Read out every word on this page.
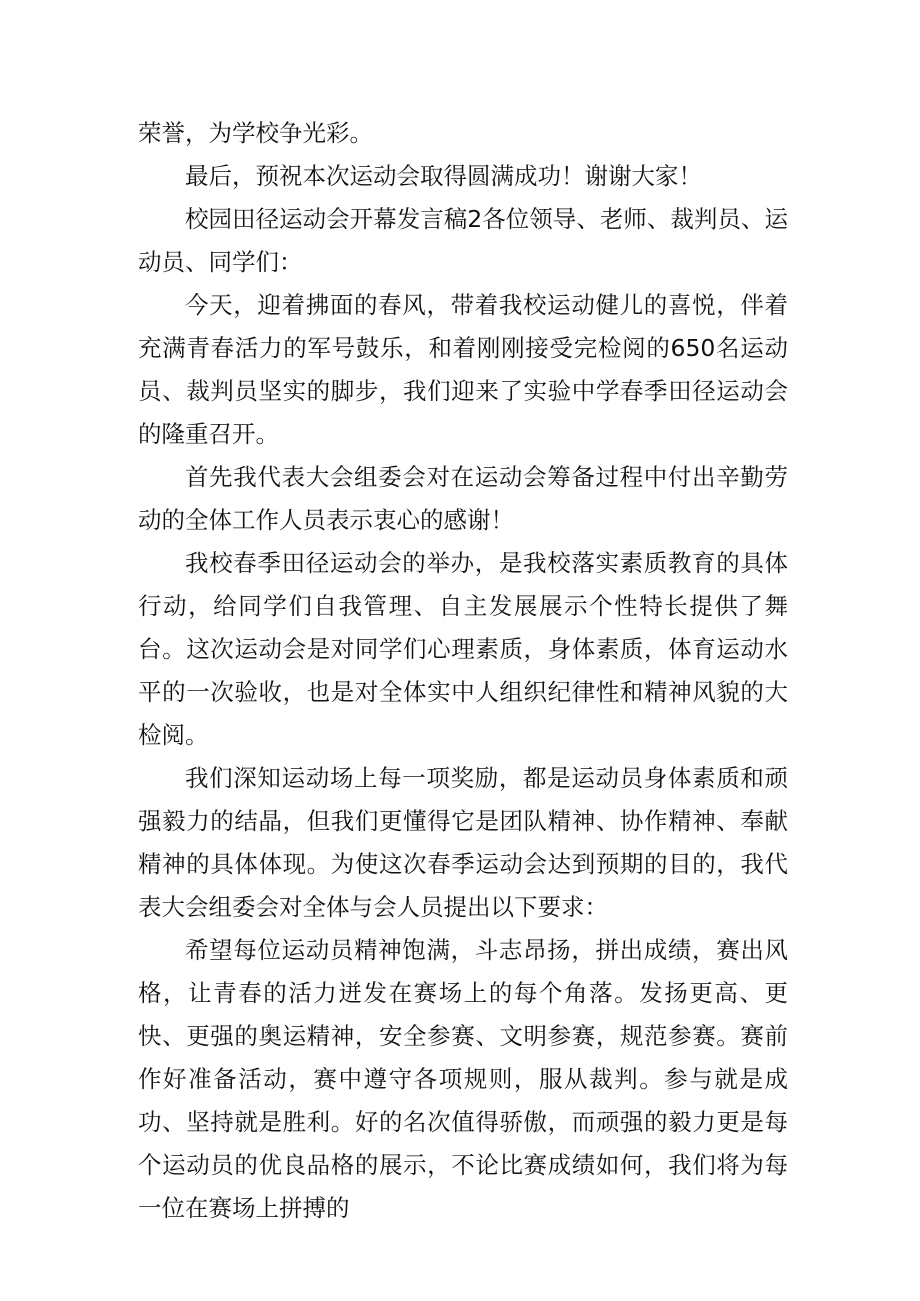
荣誉，为学校争光彩。

最后，预祝本次运动会取得圆满成功！谢谢大家！

校园田径运动会开幕发言稿2各位领导、老师、裁判员、运动员、同学们：

今天，迎着拂面的春风，带着我校运动健儿的喜悦，伴着充满青春活力的军号鼓乐，和着刚刚接受完检阅的650名运动员、裁判员坚实的脚步，我们迎来了实验中学春季田径运动会的隆重召开。

首先我代表大会组委会对在运动会筹备过程中付出辛勤劳动的全体工作人员表示衷心的感谢！

我校春季田径运动会的举办，是我校落实素质教育的具体行动，给同学们自我管理、自主发展展示个性特长提供了舞台。这次运动会是对同学们心理素质，身体素质，体育运动水平的一次验收，也是对全体实中人组织纪律性和精神风貌的大检阅。

我们深知运动场上每一项奖励，都是运动员身体素质和顽强毅力的结晶，但我们更懂得它是团队精神、协作精神、奉献精神的具体体现。为使这次春季运动会达到预期的目的，我代表大会组委会对全体与会人员提出以下要求：

希望每位运动员精神饱满，斗志昂扬，拼出成绩，赛出风格，让青春的活力迸发在赛场上的每个角落。发扬更高、更快、更强的奥运精神，安全参赛、文明参赛，规范参赛。赛前作好准备活动，赛中遵守各项规则，服从裁判。参与就是成功、坚持就是胜利。好的名次值得骄傲，而顽强的毅力更是每个运动员的优良品格的展示，不论比赛成绩如何，我们将为每一位在赛场上拼搏的
